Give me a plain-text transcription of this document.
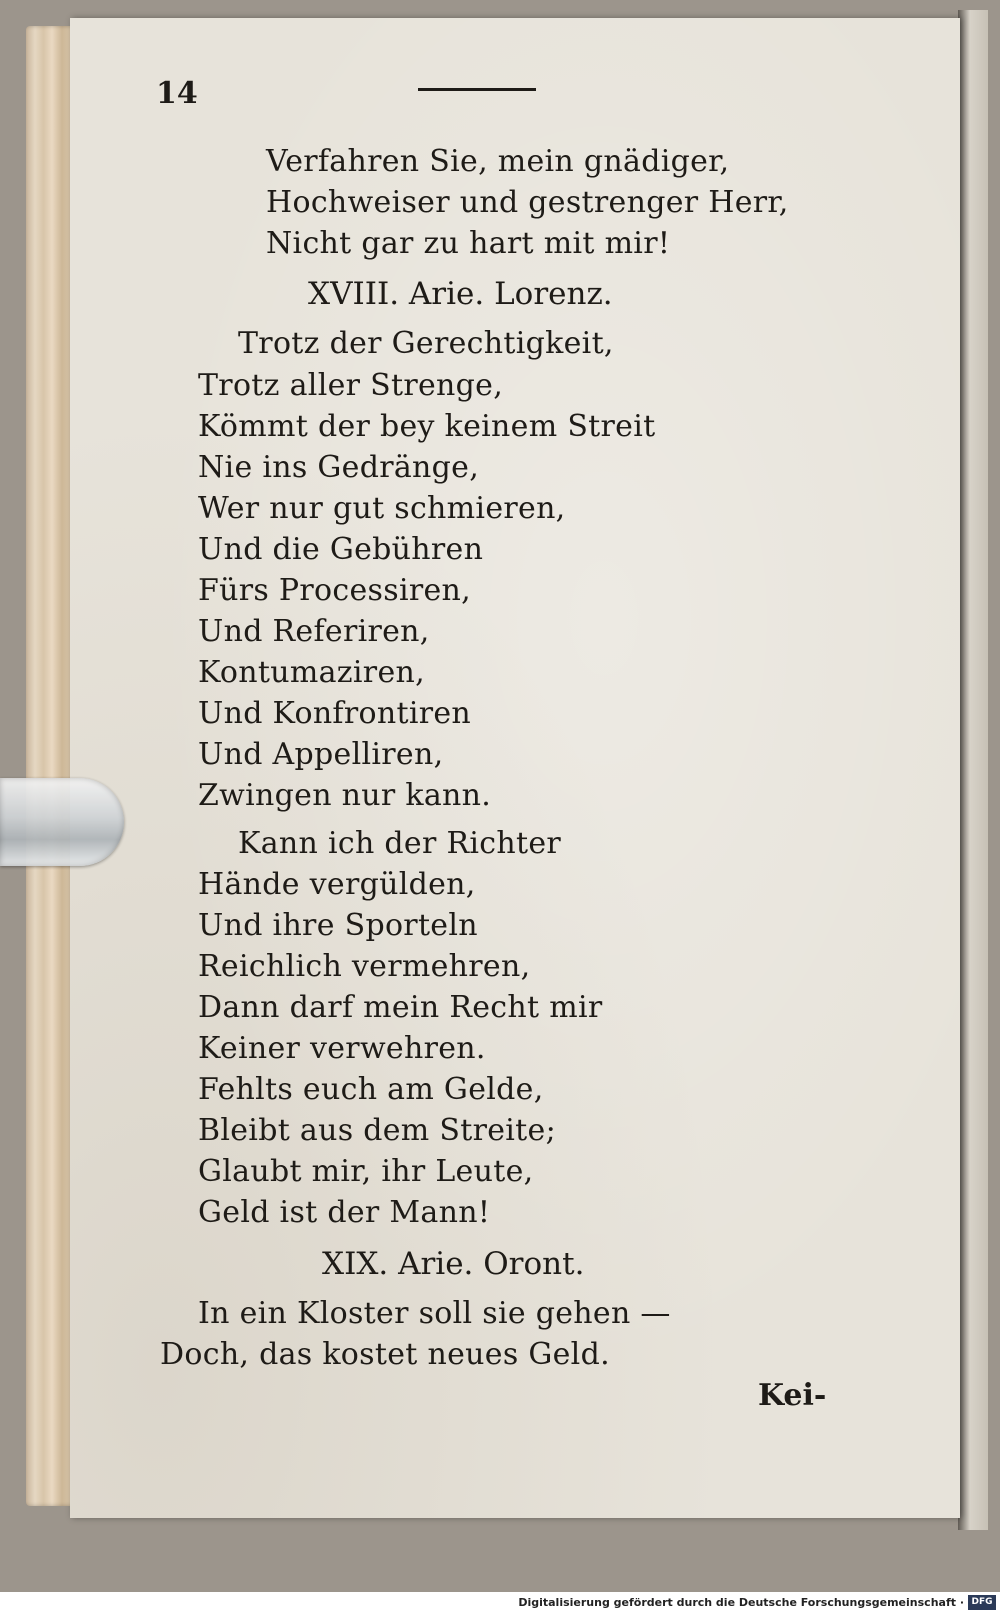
14
Verfahren Sie, mein gnädiger,
Hochweiser und gestrenger Herr,
Nicht gar zu hart mit mir!
XVIII. Arie. Lorenz.
Trotz der Gerechtigkeit,
Trotz aller Strenge,
Kömmt der bey keinem Streit
Nie ins Gedränge,
Wer nur gut schmieren,
Und die Gebühren
Fürs Processiren,
Und Referiren,
Kontumaziren,
Und Konfrontiren
Und Appelliren,
Zwingen nur kann.
Kann ich der Richter
Hände vergülden,
Und ihre Sporteln
Reichlich vermehren,
Dann darf mein Recht mir
Keiner verwehren.
Fehlts euch am Gelde,
Bleibt aus dem Streite;
Glaubt mir, ihr Leute,
Geld ist der Mann!
XIX. Arie. Oront.
In ein Kloster soll sie gehen —
Doch, das kostet neues Geld.
Kei-
Digitalisierung gefördert durch die Deutsche Forschungsgemeinschaft · DFG
